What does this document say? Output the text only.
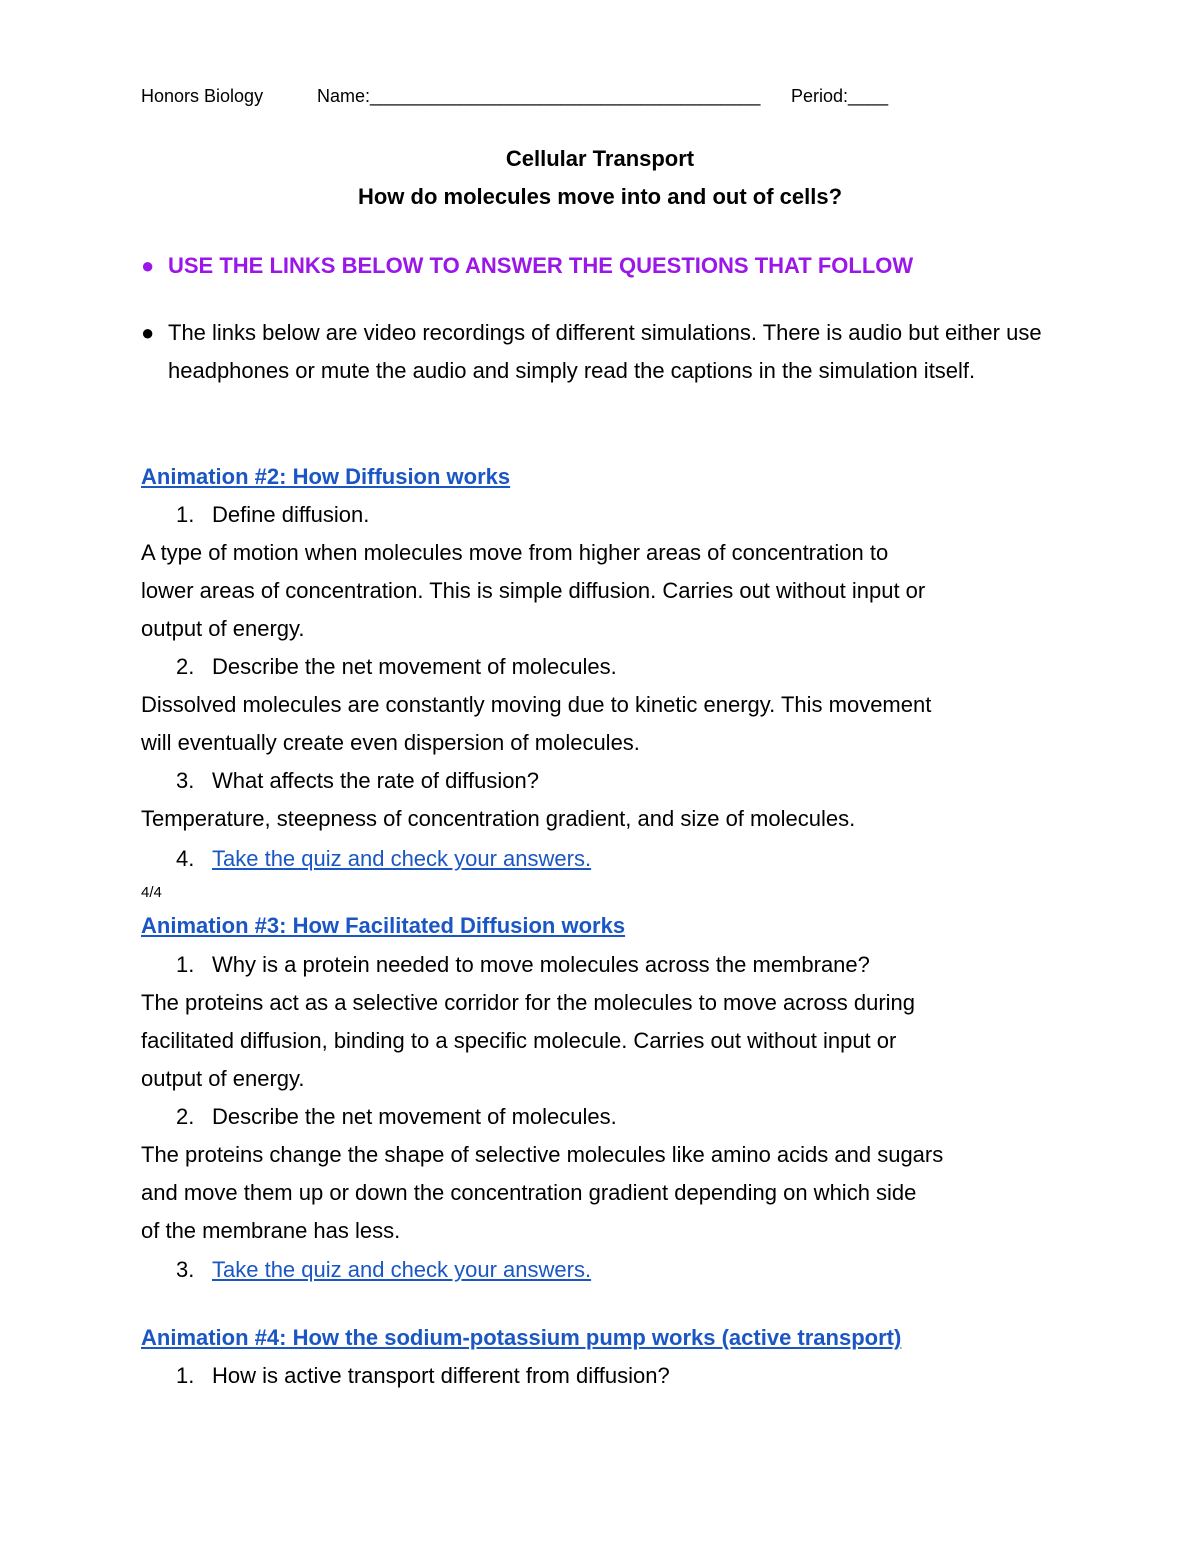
Honors Biology	Name:_______________________________________ Period:____
Cellular Transport
How do molecules move into and out of cells?
● USE THE LINKS BELOW TO ANSWER THE QUESTIONS THAT FOLLOW
● The links below are video recordings of different simulations. There is audio but either use headphones or mute the audio and simply read the captions in the simulation itself.
Animation #2: How Diffusion works
1. Define diffusion.
A type of motion when molecules move from higher areas of concentration to
lower areas of concentration. This is simple diffusion. Carries out without input or
output of energy.
2. Describe the net movement of molecules.
Dissolved molecules are constantly moving due to kinetic energy. This movement
will eventually create even dispersion of molecules.
3. What affects the rate of diffusion?
Temperature, steepness of concentration gradient, and size of molecules.
4. Take the quiz and check your answers.
4/4
Animation #3: How Facilitated Diffusion works
1. Why is a protein needed to move molecules across the membrane?
The proteins act as a selective corridor for the molecules to move across during
facilitated diffusion, binding to a specific molecule. Carries out without input or
output of energy.
2. Describe the net movement of molecules.
The proteins change the shape of selective molecules like amino acids and sugars
and move them up or down the concentration gradient depending on which side
of the membrane has less.
3. Take the quiz and check your answers.
Animation #4: How the sodium-potassium pump works (active transport)
1. How is active transport different from diffusion?
